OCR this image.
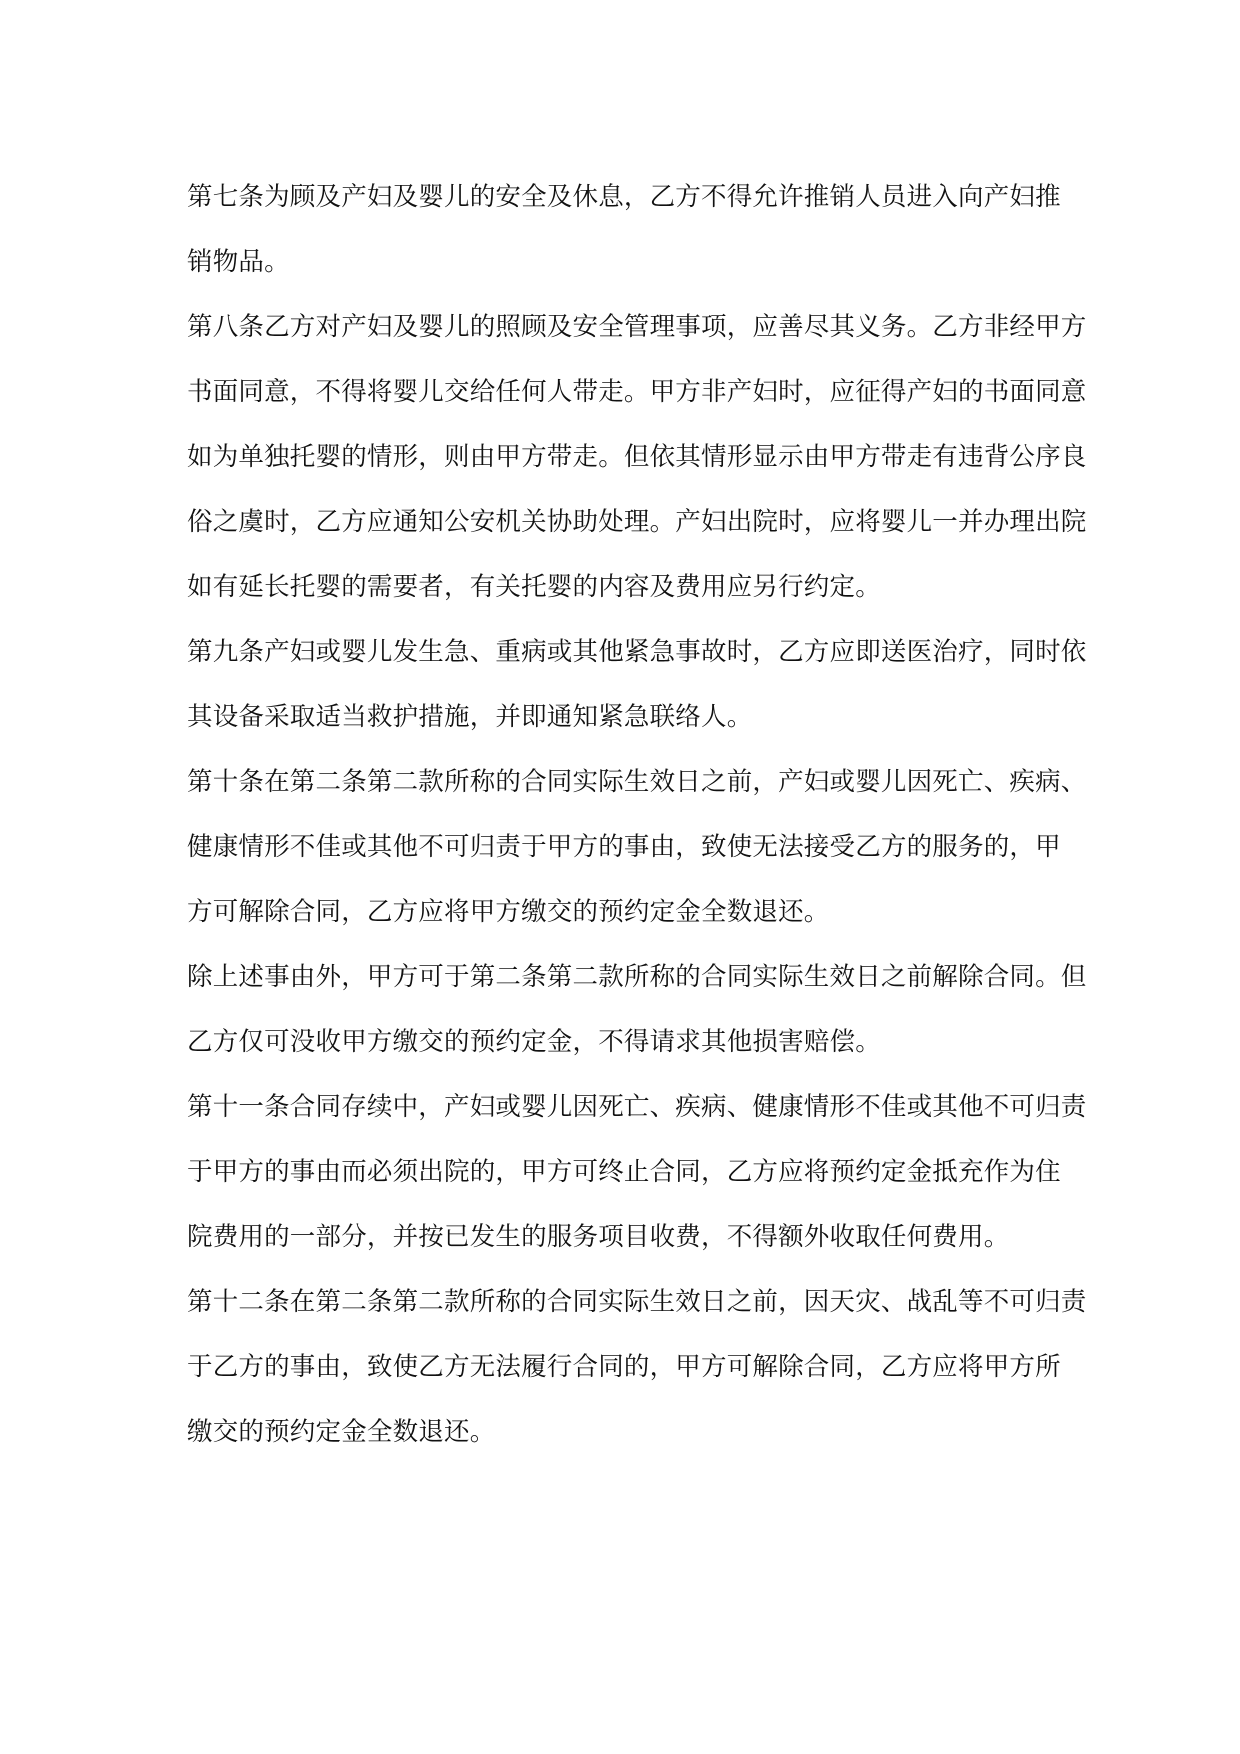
第七条为顾及产妇及婴儿的安全及休息，乙方不得允许推销人员进入向产妇推
销物品。
第八条乙方对产妇及婴儿的照顾及安全管理事项，应善尽其义务。乙方非经甲方
书面同意，不得将婴儿交给任何人带走。甲方非产妇时，应征得产妇的书面同意
如为单独托婴的情形，则由甲方带走。但依其情形显示由甲方带走有违背公序良
俗之虞时，乙方应通知公安机关协助处理。产妇出院时，应将婴儿一并办理出院
如有延长托婴的需要者，有关托婴的内容及费用应另行约定。
第九条产妇或婴儿发生急、重病或其他紧急事故时，乙方应即送医治疗，同时依
其设备采取适当救护措施，并即通知紧急联络人。
第十条在第二条第二款所称的合同实际生效日之前，产妇或婴儿因死亡、疾病、
健康情形不佳或其他不可归责于甲方的事由，致使无法接受乙方的服务的，甲
方可解除合同，乙方应将甲方缴交的预约定金全数退还。
除上述事由外，甲方可于第二条第二款所称的合同实际生效日之前解除合同。但
乙方仅可没收甲方缴交的预约定金，不得请求其他损害赔偿。
第十一条合同存续中，产妇或婴儿因死亡、疾病、健康情形不佳或其他不可归责
于甲方的事由而必须出院的，甲方可终止合同，乙方应将预约定金抵充作为住
院费用的一部分，并按已发生的服务项目收费，不得额外收取任何费用。
第十二条在第二条第二款所称的合同实际生效日之前，因天灾、战乱等不可归责
于乙方的事由，致使乙方无法履行合同的，甲方可解除合同，乙方应将甲方所
缴交的预约定金全数退还。
